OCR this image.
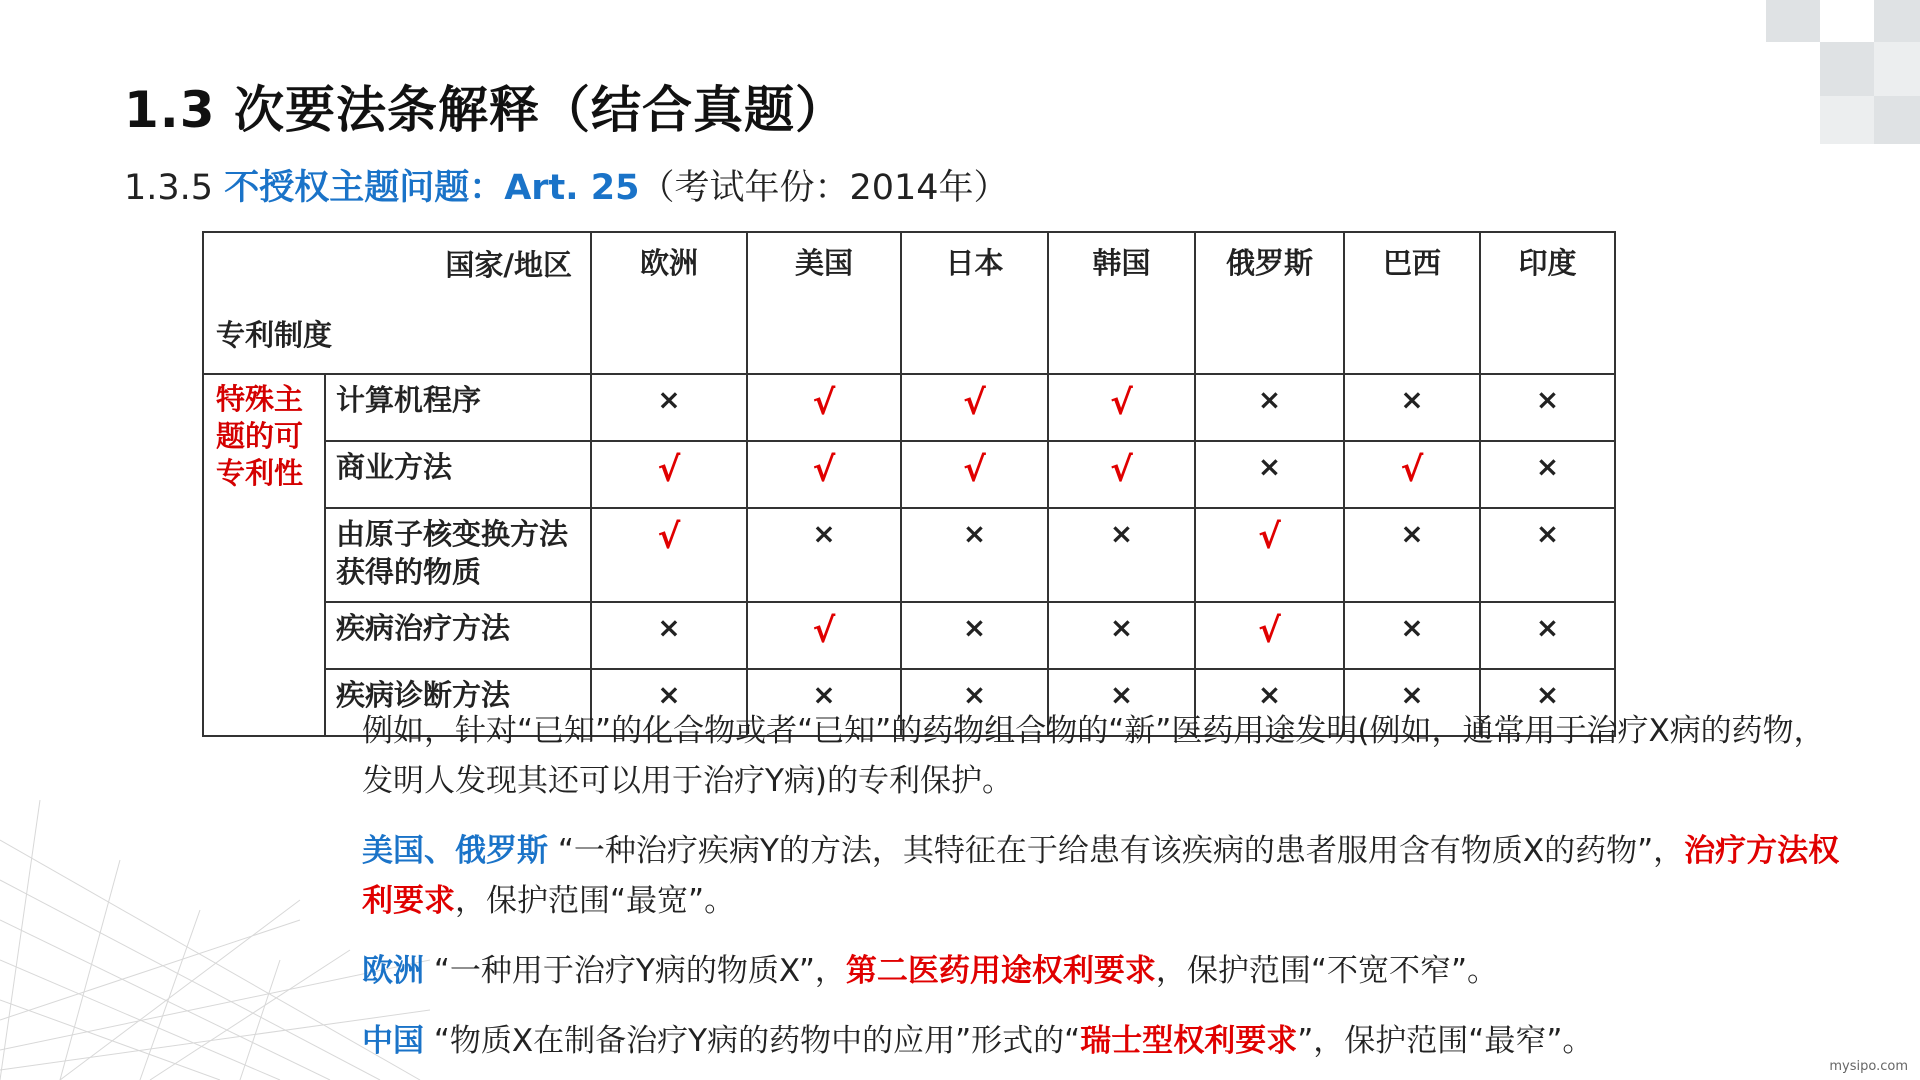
1.3 次要法条解释（结合真题）
1.3.5 不授权主题问题：Art. 25（考试年份：2014年）
国家/地区
专利制度		欧洲	美国	日本	韩国	俄罗斯	巴西	印度
特殊主题的可专利性	计算机程序	×	√	√	√	×	×	×
	商业方法	√	√	√	√	×	√	×
	由原子核变换方法获得的物质	√	×	×	×	√	×	×
	疾病治疗方法	×	√	×	×	√	×	×
	疾病诊断方法	×	×	×	×	×	×	×
例如，针对“已知”的化合物或者“已知”的药物组合物的“新”医药用途发明(例如，通常用于治疗X病的药物，发明人发现其还可以用于治疗Y病)的专利保护。
美国、俄罗斯 “一种治疗疾病Y的方法，其特征在于给患有该疾病的患者服用含有物质X的药物”，治疗方法权利要求，保护范围“最宽”。
欧洲 “一种用于治疗Y病的物质X”，第二医药用途权利要求，保护范围“不宽不窄”。
中国 “物质X在制备治疗Y病的药物中的应用”形式的“瑞士型权利要求”，保护范围“最窄”。
mysipo.com
